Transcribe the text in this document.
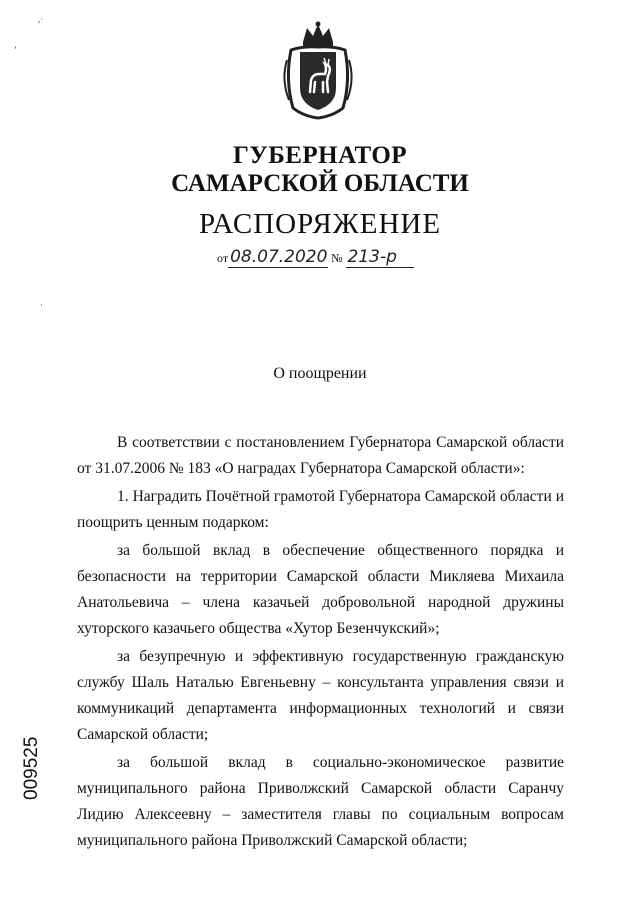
ГУБЕРНАТОР
САМАРСКОЙ ОБЛАСТИ
РАСПОРЯЖЕНИЕ
от 08.07.2020 № 213-р
О поощрении

В соответствии с постановлением Губернатора Самарской области от 31.07.2006 № 183 «О наградах Губернатора Самарской области»:

1. Наградить Почётной грамотой Губернатора Самарской области и поощрить ценным подарком:

за большой вклад в обеспечение общественного порядка и безопасности на территории Самарской области Микляева Михаила Анатольевича – члена казачьей добровольной народной дружины хуторского казачьего общества «Хутор Безенчукский»;

за безупречную и эффективную государственную гражданскую службу Шаль Наталью Евгеньевну – консультанта управления связи и коммуникаций департамента информационных технологий и связи Самарской области;

за большой вклад в социально-экономическое развитие муниципального района Приволжский Самарской области Саранчу Лидию Алексеевну – заместителя главы по социальным вопросам муниципального района Приволжский Самарской области;

009525
,·
ʼ
·
